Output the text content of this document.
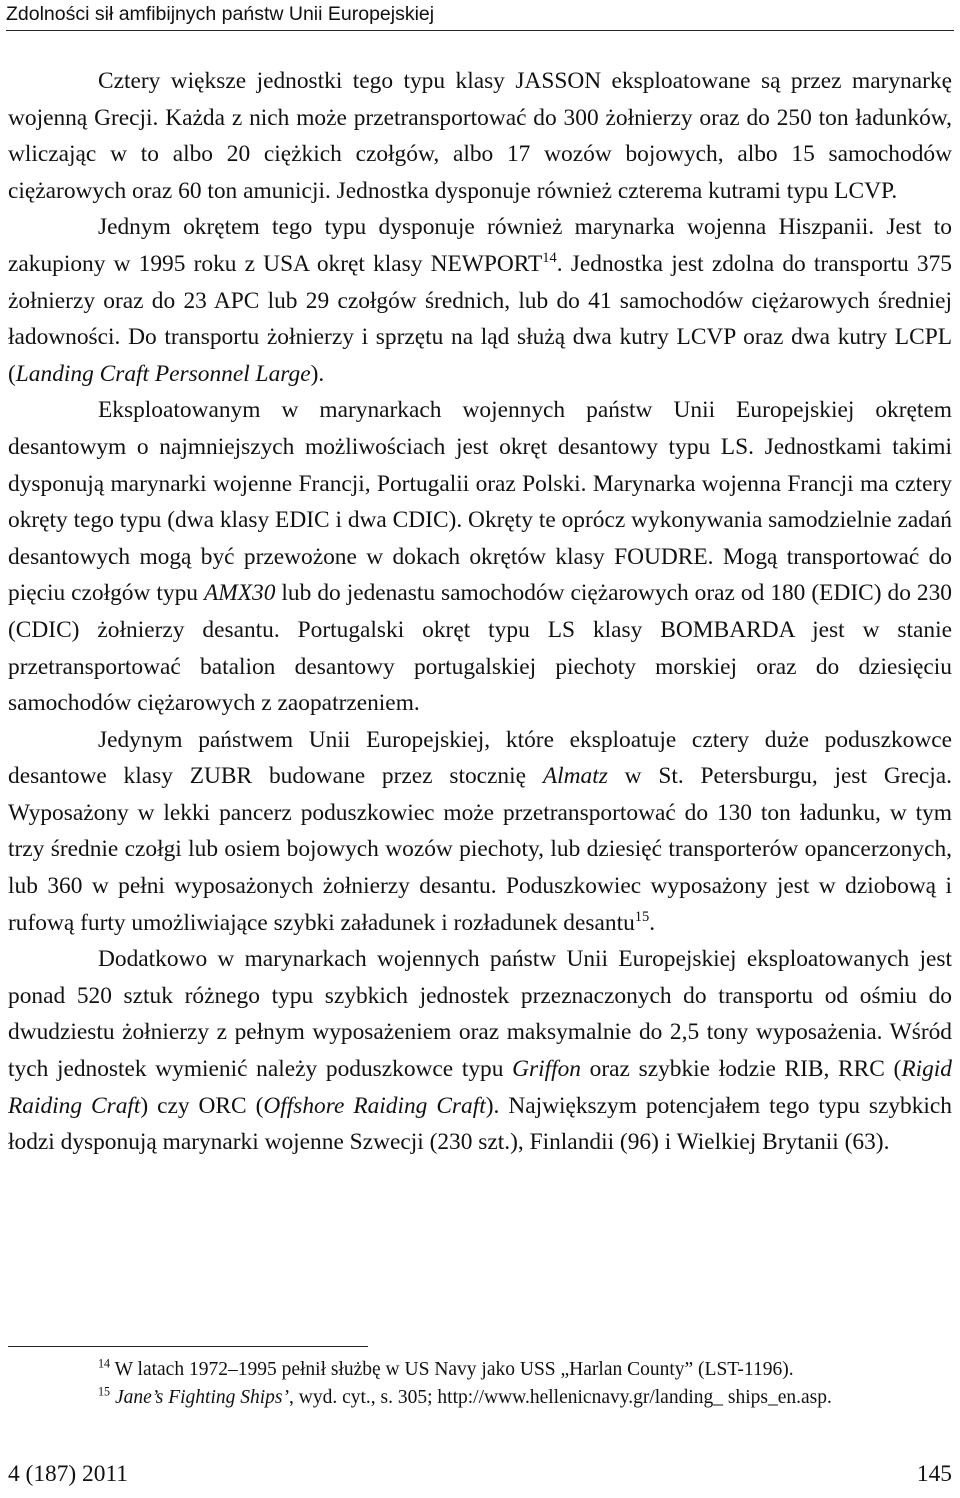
Zdolności sił amfibijnych państw Unii Europejskiej

Cztery większe jednostki tego typu klasy JASSON eksploatowane są przez marynarkę wojenną Grecji. Każda z nich może przetransportować do 300 żołnierzy oraz do 250 ton ładunków, wliczając w to albo 20 ciężkich czołgów, albo 17 wozów bojowych, albo 15 samochodów ciężarowych oraz 60 ton amunicji. Jednostka dysponuje również czterema kutrami typu LCVP.

Jednym okrętem tego typu dysponuje również marynarka wojenna Hiszpanii. Jest to zakupiony w 1995 roku z USA okręt klasy NEWPORT$^{14}$. Jednostka jest zdolna do transportu 375 żołnierzy oraz do 23 APC lub 29 czołgów średnich, lub do 41 samochodów ciężarowych średniej ładowności. Do transportu żołnierzy i sprzętu na ląd służą dwa kutry LCVP oraz dwa kutry LCPL (Landing Craft Personnel Large).

Eksploatowanym w marynarkach wojennych państw Unii Europejskiej okrętem desantowym o najmniejszych możliwościach jest okręt desantowy typu LS. Jednostkami takimi dysponują marynarki wojenne Francji, Portugalii oraz Polski. Marynarka wojenna Francji ma cztery okręty tego typu (dwa klasy EDIC i dwa CDIC). Okręty te oprócz wykonywania samodzielnie zadań desantowych mogą być przewożone w dokach okrętów klasy FOUDRE. Mogą transportować do pięciu czołgów typu AMX30 lub do jedenastu samochodów ciężarowych oraz od 180 (EDIC) do 230 (CDIC) żołnierzy desantu. Portugalski okręt typu LS klasy BOMBARDA jest w stanie przetransportować batalion desantowy portugalskiej piechoty morskiej oraz do dziesięciu samochodów ciężarowych z zaopatrzeniem.

Jedynym państwem Unii Europejskiej, które eksploatuje cztery duże poduszkowce desantowe klasy ZUBR budowane przez stocznię Almatz w St. Petersburgu, jest Grecja. Wyposażony w lekki pancerz poduszkowiec może przetransportować do 130 ton ładunku, w tym trzy średnie czołgi lub osiem bojowych wozów piechoty, lub dziesięć transporterów opancerzonych, lub 360 w pełni wyposażonych żołnierzy desantu. Poduszkowiec wyposażony jest w dziobową i rufową furty umożliwiające szybki załadunek i rozładunek desantu$^{15}$.

Dodatkowo w marynarkach wojennych państw Unii Europejskiej eksploatowanych jest ponad 520 sztuk różnego typu szybkich jednostek przeznaczonych do transportu od ośmiu do dwudziestu żołnierzy z pełnym wyposażeniem oraz maksymalnie do 2,5 tony wyposażenia. Wśród tych jednostek wymienić należy poduszkowce typu Griffon oraz szybkie łodzie RIB, RRC (Rigid Raiding Craft) czy ORC (Offshore Raiding Craft). Największym potencjałem tego typu szybkich łodzi dysponują marynarki wojenne Szwecji (230 szt.), Finlandii (96) i Wielkiej Brytanii (63).

$^{14}$ W latach 1972–1995 pełnił służbę w US Navy jako USS „Harlan County” (LST-1196).

$^{15}$ Jane’s Fighting Ships’, wyd. cyt., s. 305; http://www.hellenicnavy.gr/landing_ ships_en.asp.

4 (187) 2011	145
